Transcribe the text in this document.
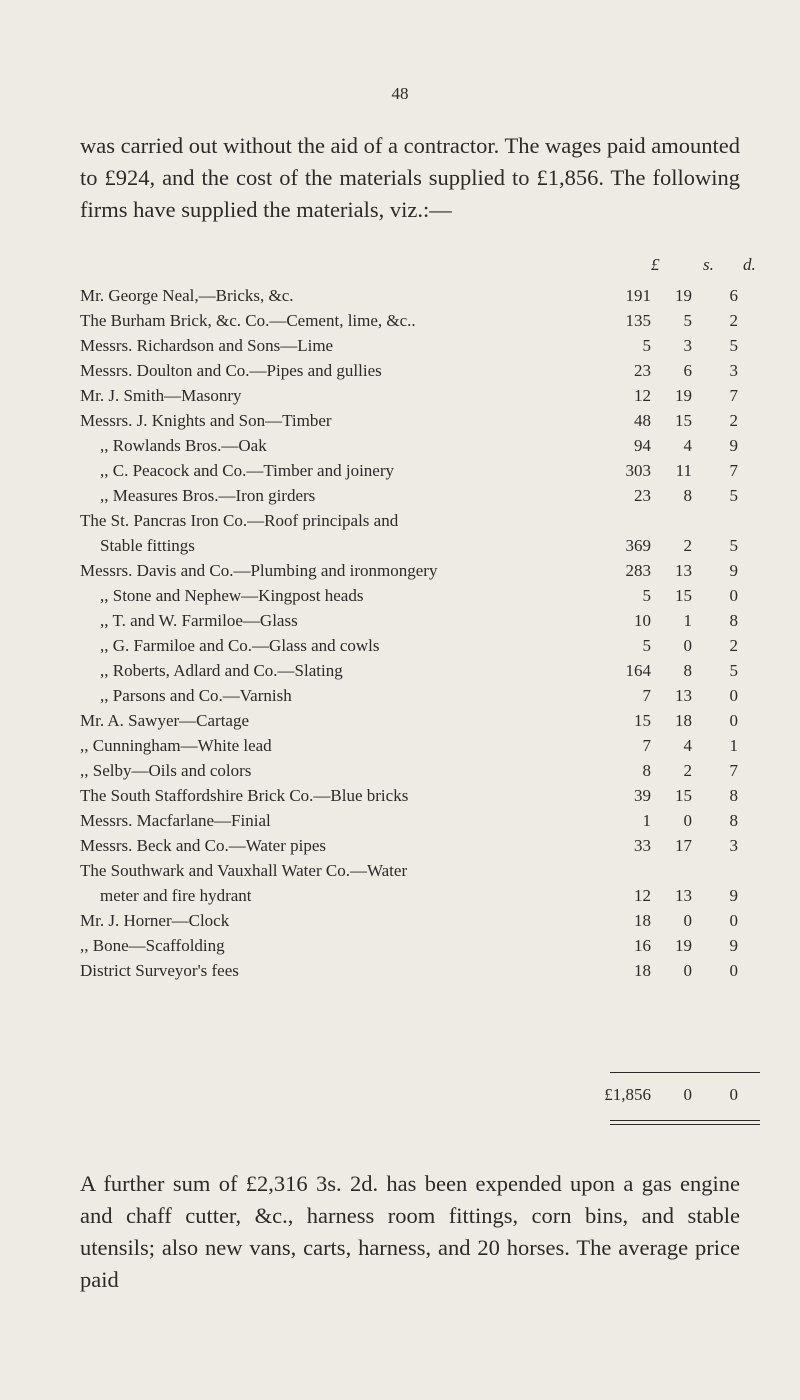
48
was carried out without the aid of a contractor. The wages paid amounted to £924, and the cost of the materials supplied to £1,856. The following firms have supplied the materials, viz.:—
£	s. d.
Mr. George Neal,—Bricks, &c.	191	19	6
The Burham Brick, &c. Co.—Cement, lime, &c..	135	5	2
Messrs. Richardson and Sons—Lime	5	3	5
Messrs. Doulton and Co.—Pipes and gullies	23	6	3
Mr. J. Smith—Masonry	12	19	7
Messrs. J. Knights and Son—Timber	48	15	2
,, Rowlands Bros.—Oak	94	4	9
,, C. Peacock and Co.—Timber and joinery	303	11	7
,, Measures Bros.—Iron girders	23	8	5
The St. Pancras Iron Co.—Roof principals and
Stable fittings	369	2	5
Messrs. Davis and Co.—Plumbing and ironmongery	283	13	9
,, Stone and Nephew—Kingpost heads	5	15	0
,, T. and W. Farmiloe—Glass	10	1	8
,, G. Farmiloe and Co.—Glass and cowls	5	0	2
,, Roberts, Adlard and Co.—Slating	164	8	5
,, Parsons and Co.—Varnish	7	13	0
Mr. A. Sawyer—Cartage	15	18	0
,, Cunningham—White lead	7	4	1
,, Selby—Oils and colors	8	2	7
The South Staffordshire Brick Co.—Blue bricks	39	15	8
Messrs. Macfarlane—Finial	1	0	8
Messrs. Beck and Co.—Water pipes	33	17	3
The Southwark and Vauxhall Water Co.—Water
meter and fire hydrant	12	13	9
Mr. J. Horner—Clock	18	0	0
,, Bone—Scaffolding	16	19	9
District Surveyor's fees	18	0	0
£1,856	0	0
A further sum of £2,316 3s. 2d. has been expended upon a gas engine and chaff cutter, &c., harness room fittings, corn bins, and stable utensils; also new vans, carts, harness, and 20 horses. The average price paid
